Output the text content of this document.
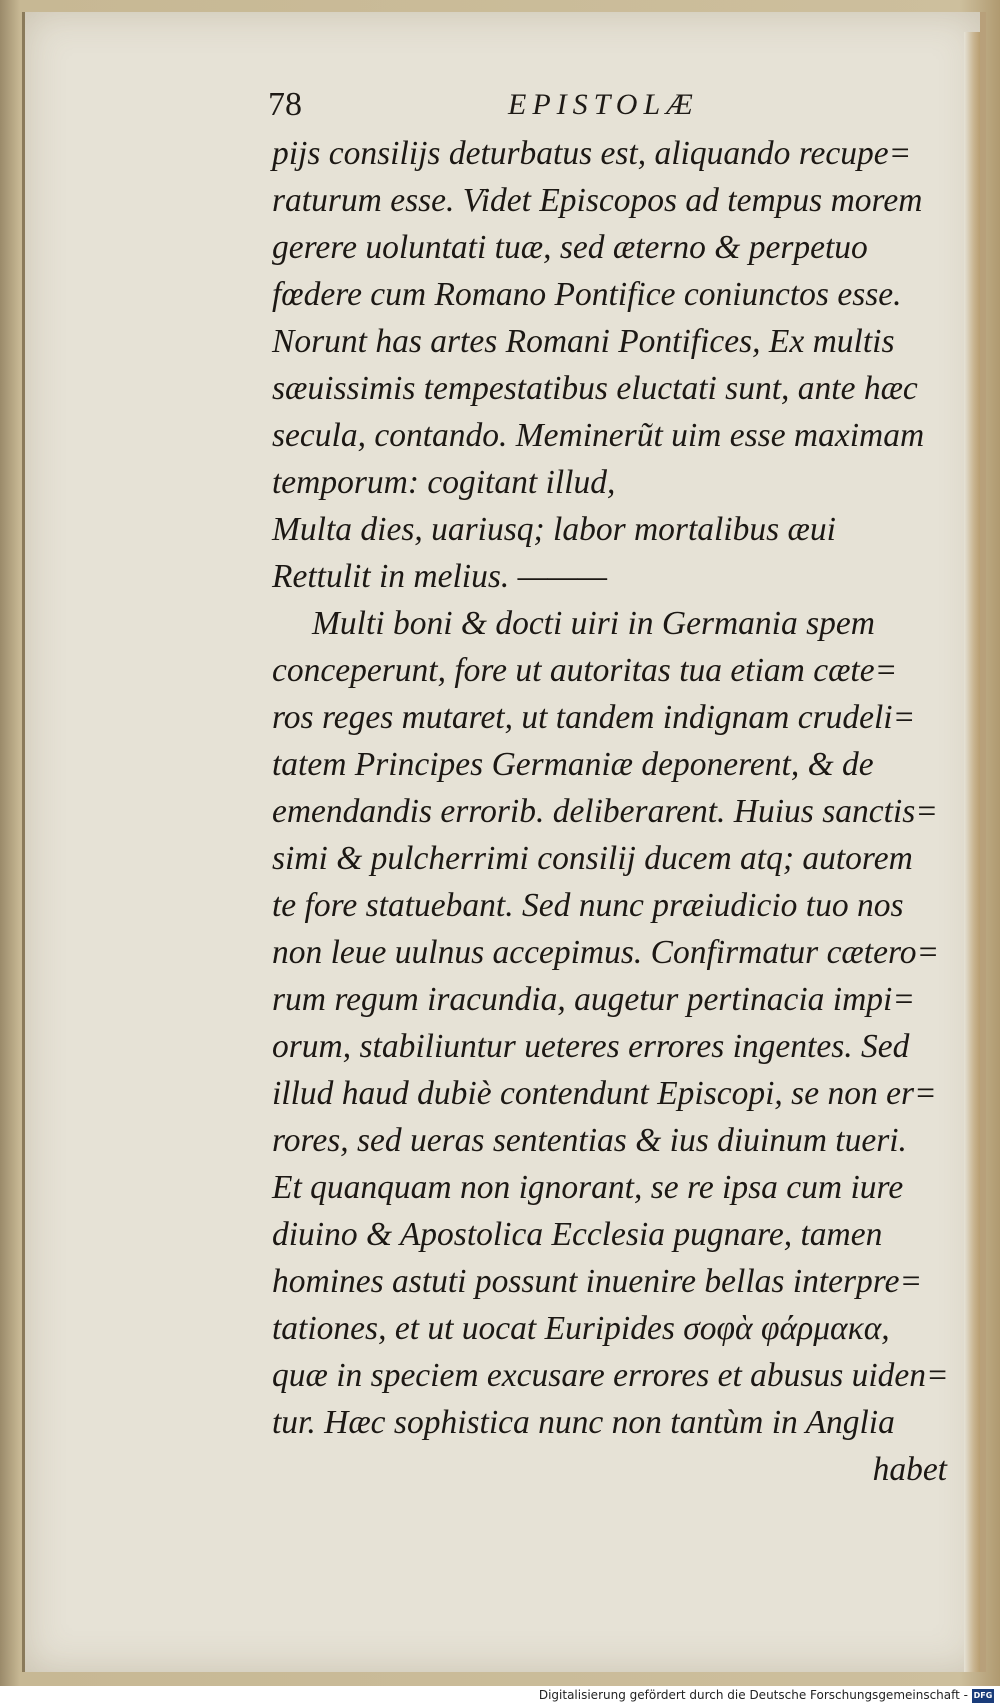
78	EPISTOLÆ
pijs consilijs deturbatus est, aliquando recupe=
raturum esse. Videt Episcopos ad tempus morem
gerere uoluntati tuæ, sed æterno & perpetuo
fœdere cum Romano Pontifice coniunctos esse.
Norunt has artes Romani Pontifices, Ex multis
sæuissimis tempestatibus eluctati sunt, ante hæc
secula, contando. Meminerũt uim esse maximam
temporum: cogitant illud,
Multa dies, uariusq; labor mortalibus æui
Rettulit in melius. ———
Multi boni & docti uiri in Germania spem
conceperunt, fore ut autoritas tua etiam cæte=
ros reges mutaret, ut tandem indignam crudeli=
tatem Principes Germaniæ deponerent, & de
emendandis errorib. deliberarent. Huius sanctis=
simi & pulcherrimi consilij ducem atq; autorem
te fore statuebant. Sed nunc præiudicio tuo nos
non leue uulnus accepimus. Confirmatur cætero=
rum regum iracundia, augetur pertinacia impi=
orum, stabiliuntur ueteres errores ingentes. Sed
illud haud dubiè contendunt Episcopi, se non er=
rores, sed ueras sententias & ius diuinum tueri.
Et quanquam non ignorant, se re ipsa cum iure
diuino & Apostolica Ecclesia pugnare, tamen
homines astuti possunt inuenire bellas interpre=
tationes, et ut uocat Euripides σοφὰ φάρμακα,
quæ in speciem excusare errores et abusus uiden=
tur. Hæc sophistica nunc non tantùm in Anglia
habet
Digitalisierung gefördert durch die Deutsche Forschungsgemeinschaft - DFG
